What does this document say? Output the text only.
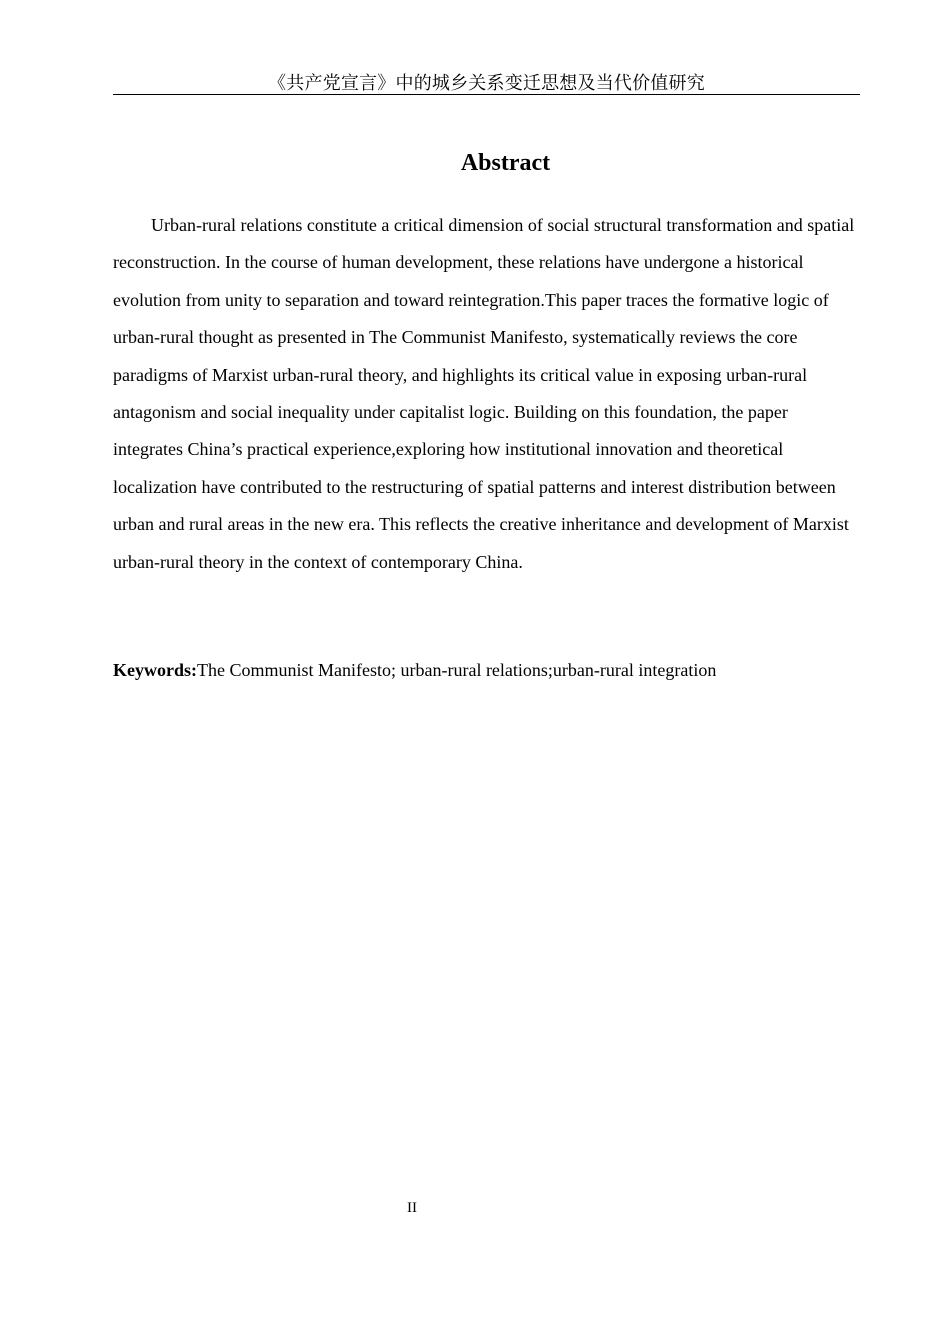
《共产党宣言》中的城乡关系变迁思想及当代价值研究
Abstract

Urban-rural relations constitute a critical dimension of social structural transformation and spatial reconstruction. In the course of human development, these relations have undergone a historical evolution from unity to separation and toward reintegration.This paper traces the formative logic of urban-rural thought as presented in The Communist Manifesto, systematically reviews the core paradigms of Marxist urban-rural theory, and highlights its critical value in exposing urban-rural antagonism and social inequality under capitalist logic. Building on this foundation, the paper integrates China’s practical experience,exploring how institutional innovation and theoretical localization have contributed to the restructuring of spatial patterns and interest distribution between urban and rural areas in the new era. This reflects the creative inheritance and development of Marxist urban-rural theory in the context of contemporary China.

Keywords:The Communist Manifesto; urban-rural relations;urban-rural integration

II
